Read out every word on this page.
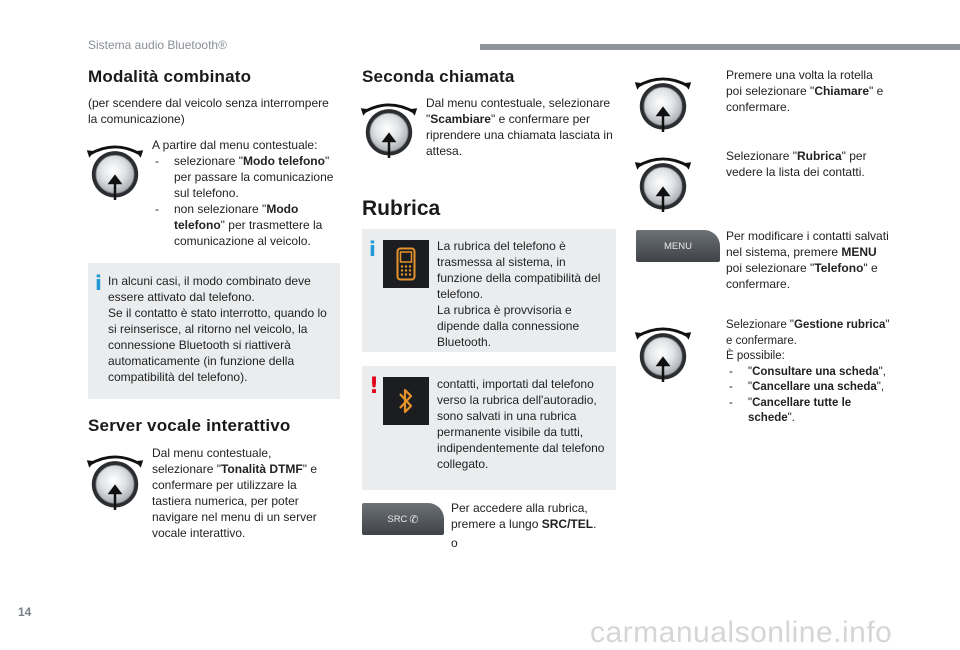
Sistema audio Bluetooth®
Modalità combinato
(per scendere dal veicolo senza interrompere la comunicazione)
A partire dal menu contestuale:
- selezionare "Modo telefono" per passare la comunicazione sul telefono.
- non selezionare "Modo telefono" per trasmettere la comunicazione al veicolo.
i In alcuni casi, il modo combinato deve essere attivato dal telefono.
Se il contatto è stato interrotto, quando lo si reinserisce, al ritorno nel veicolo, la connessione Bluetooth si riattiverà automaticamente (in funzione della compatibilità del telefono).
Server vocale interattivo
Dal menu contestuale, selezionare "Tonalità DTMF" e confermare per utilizzare la tastiera numerica, per poter navigare nel menu di un server vocale interattivo.
Seconda chiamata
Dal menu contestuale, selezionare "Scambiare" e confermare per riprendere una chiamata lasciata in attesa.
Rubrica
i	La rubrica del telefono è trasmessa al sistema, in funzione della compatibilità del telefono.
La rubrica è provvisoria e dipende dalla connessione Bluetooth.
!	contatti, importati dal telefono verso la rubrica dell'autoradio, sono salvati in una rubrica permanente visibile da tutti, indipendentemente dal telefono collegato.
SRC ✆
Per accedere alla rubrica, premere a lungo SRC/TEL.
o
Premere una volta la rotella poi selezionare "Chiamare" e confermare.
Selezionare "Rubrica" per vedere la lista dei contatti.
MENU
Per modificare i contatti salvati nel sistema, premere MENU poi selezionare "Telefono" e confermare.
Selezionare "Gestione rubrica" e confermare.
È possibile:
- "Consultare una scheda",
- "Cancellare una scheda",
- "Cancellare tutte le schede".
14
carmanualsonline.info
